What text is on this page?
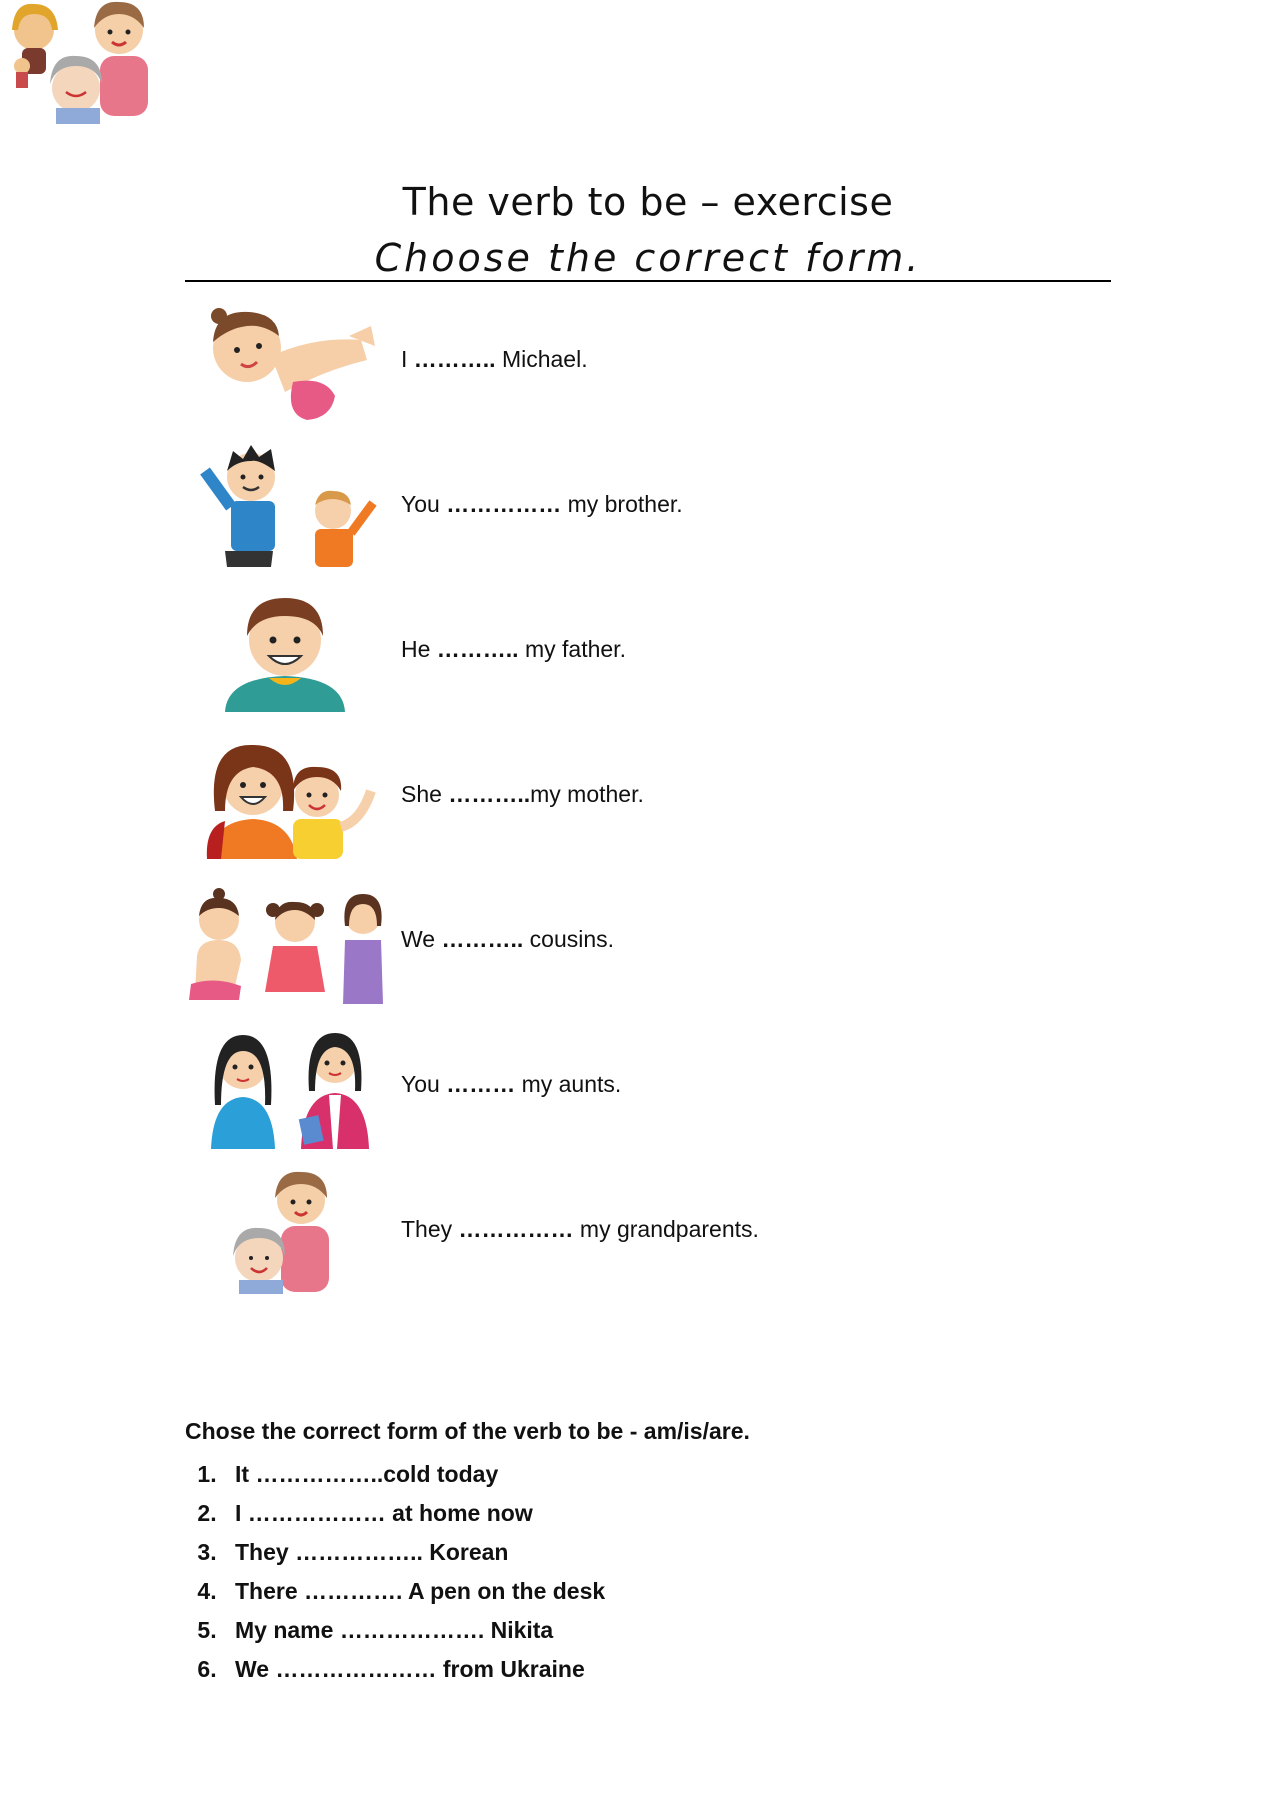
The verb to be – exercise
Choose the correct form.
I ……….. Michael.
You …………… my brother.
He ……….. my father.
She ………..my mother.
We ……….. cousins.
You ……… my aunts.
They …………… my grandparents.

Chose the correct form of the verb to be - am/is/are.

1. It ……………..cold today
2. I ……………… at home now
3. They …………….. Korean
4. There …………. A pen on the desk
5. My name ………………. Nikita
6. We ………………… from Ukraine
